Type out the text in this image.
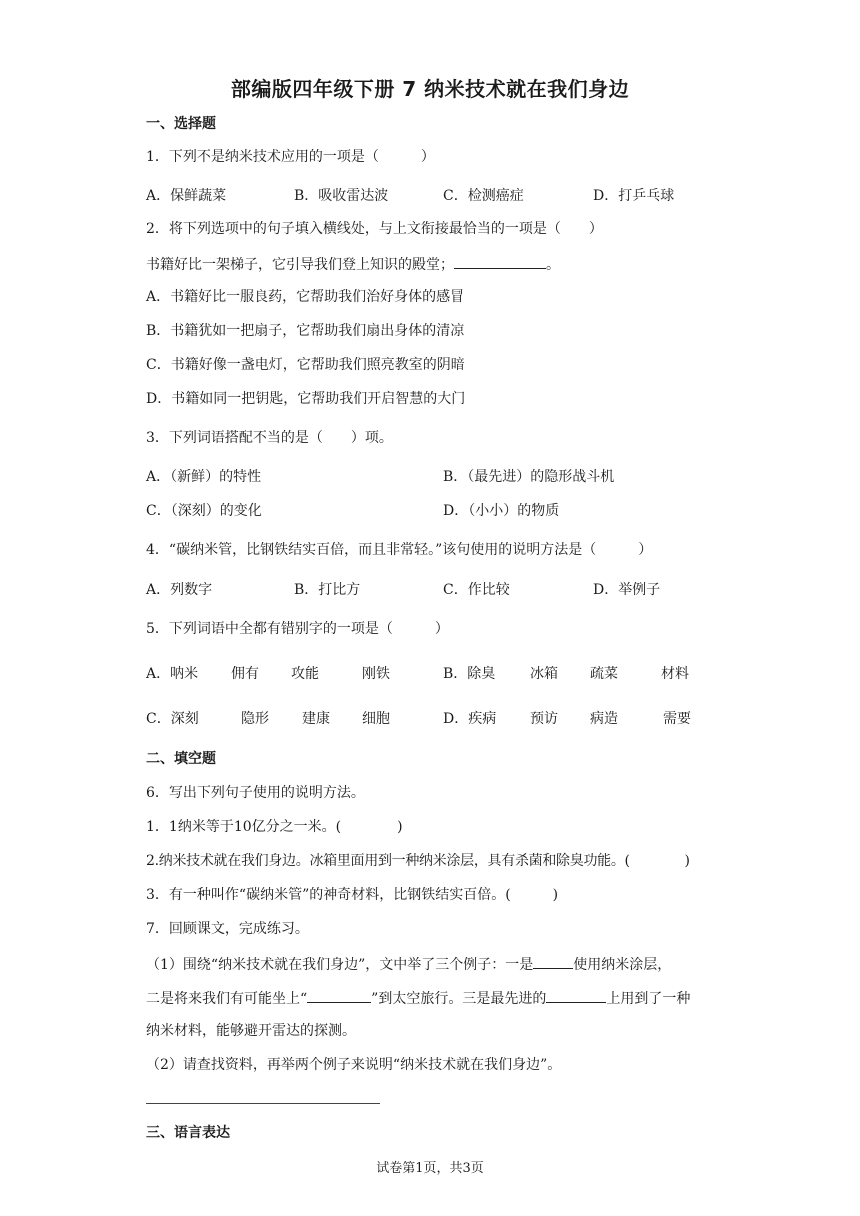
部编版四年级下册 7 纳米技术就在我们身边
一、选择题
1．下列不是纳米技术应用的一项是（　　　）
A．保鲜蔬菜	B．吸收雷达波	C．检测癌症	D．打乒乓球
2．将下列选项中的句子填入横线处，与上文衔接最恰当的一项是（　　）
书籍好比一架梯子，它引导我们登上知识的殿堂；	。
A．书籍好比一服良药，它帮助我们治好身体的感冒
B．书籍犹如一把扇子，它帮助我们扇出身体的清凉
C．书籍好像一盏电灯，它帮助我们照亮教室的阴暗
D．书籍如同一把钥匙，它帮助我们开启智慧的大门
3．下列词语搭配不当的是（　　）项。
A．（新鲜）的特性	B．（最先进）的隐形战斗机
C．（深刻）的变化	D．（小小）的物质
4．“碳纳米管，比钢铁结实百倍，而且非常轻。”该句使用的说明方法是（　　　）
A．列数字	B．打比方	C．作比较	D．举例子
5．下列词语中全都有错别字的一项是（　　　）
A．呐米 佣有 攻能	刚铁	B．除臭 冰箱 疏菜	材料
C．深刻	隐形 建康 细胞	D．疾病 预访 病造	需要
二、填空题
6．写出下列句子使用的说明方法。
1．1纳米等于10亿分之一米。(　　　　)
2.纳米技术就在我们身边。冰箱里面用到一种纳米涂层，具有杀菌和除臭功能。(　　　　)
3．有一种叫作“碳纳米管”的神奇材料，比钢铁结实百倍。(　　　)
7．回顾课文，完成练习。
（1）围绕“纳米技术就在我们身边”，文中举了三个例子：一是	使用纳米涂层，
二是将来我们有可能坐上“	”到太空旅行。三是最先进的	上用到了一种
纳米材料，能够避开雷达的探测。
（2）请查找资料，再举两个例子来说明“纳米技术就在我们身边”。
三、语言表达
试卷第1页，共3页
